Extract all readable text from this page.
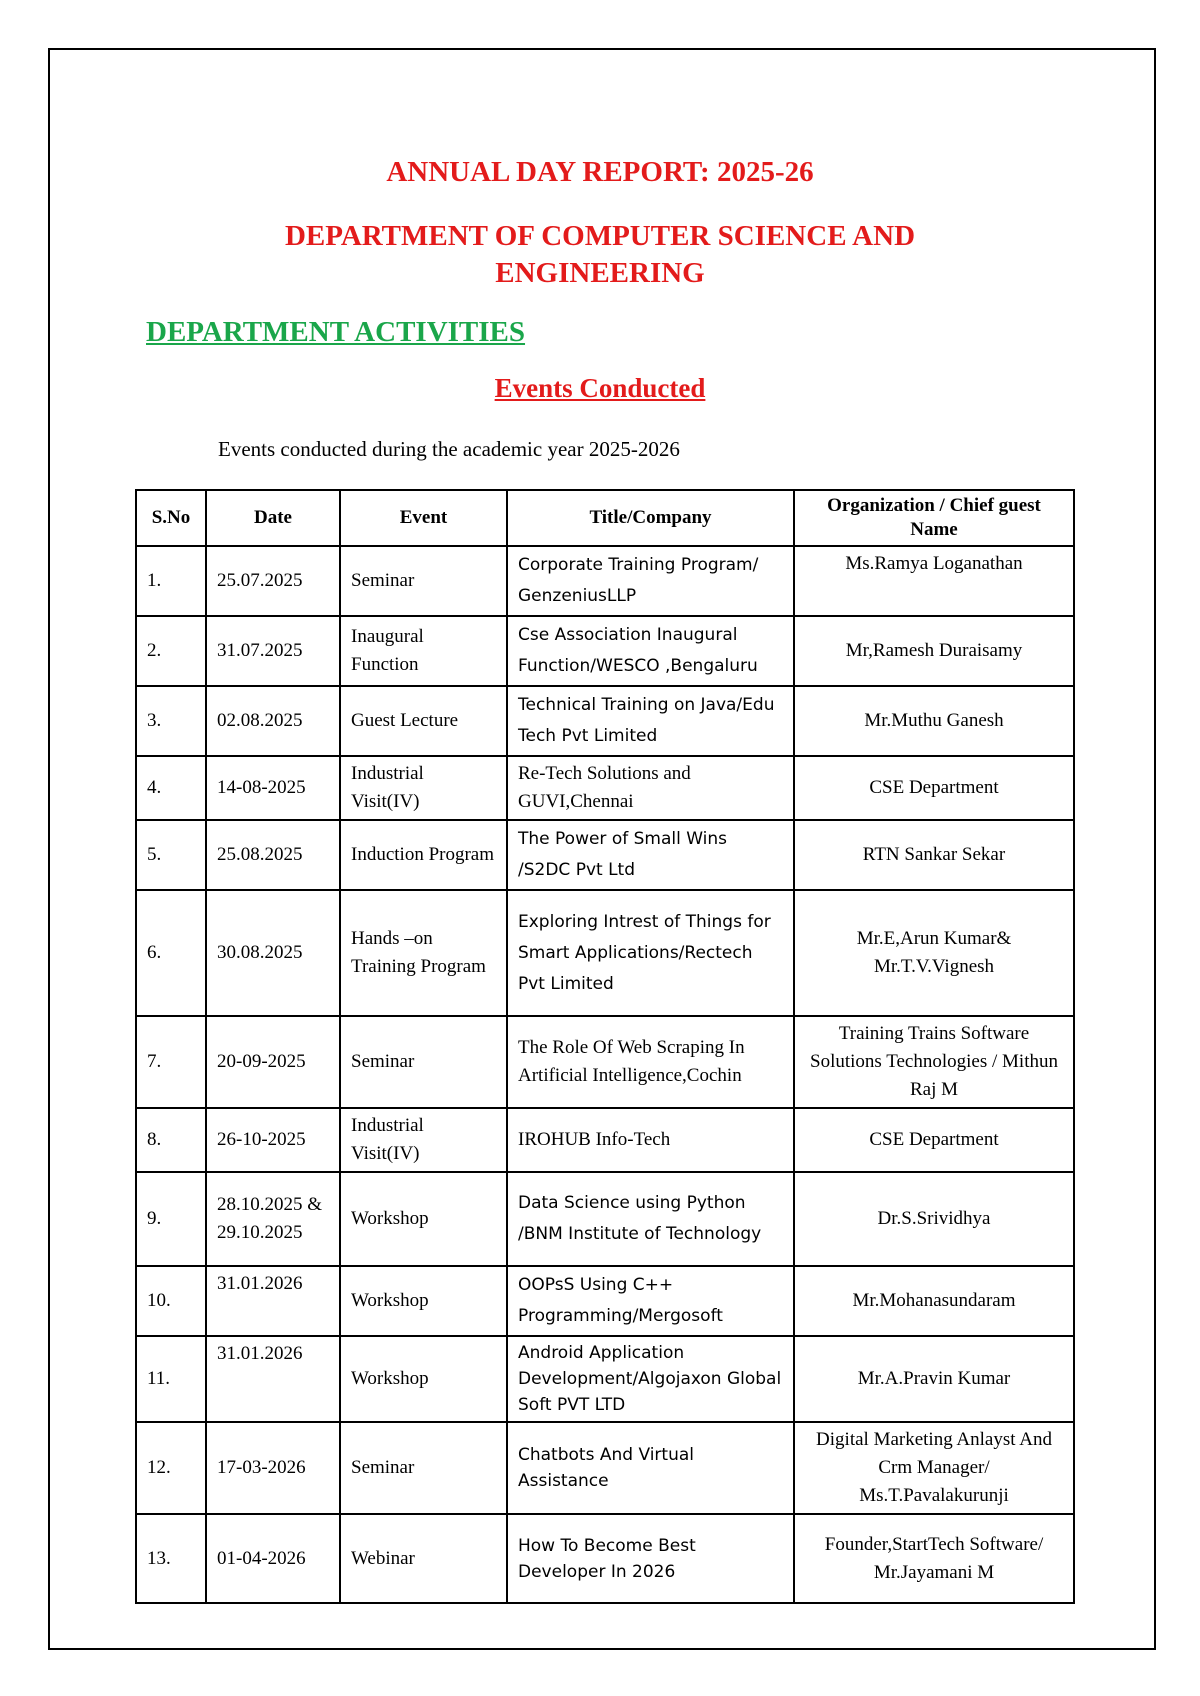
ANNUAL DAY REPORT: 2025-26
DEPARTMENT OF COMPUTER SCIENCE AND
ENGINEERING
DEPARTMENT ACTIVITIES
Events Conducted
Events conducted during the academic year 2025-2026
S.No	Date	Event	Title/Company	Organization / Chief guest Name
1.	25.07.2025	Seminar	Corporate Training Program/ GenzeniusLLP	Ms.Ramya Loganathan
2.	31.07.2025	Inaugural Function	Cse Association Inaugural Function/WESCO ,Bengaluru	Mr,Ramesh Duraisamy
3.	02.08.2025	Guest Lecture	Technical Training on Java/Edu Tech Pvt Limited	Mr.Muthu Ganesh
4.	14-08-2025	Industrial Visit(IV)	Re-Tech Solutions and GUVI,Chennai	CSE Department
5.	25.08.2025	Induction Program	The Power of Small Wins /S2DC Pvt Ltd	RTN Sankar Sekar
6.	30.08.2025	Hands –on Training Program	Exploring Intrest of Things for Smart Applications/Rectech Pvt Limited	Mr.E,Arun Kumar& Mr.T.V.Vignesh
7.	20-09-2025	Seminar	The Role Of Web Scraping In Artificial Intelligence,Cochin	Training Trains Software Solutions Technologies / Mithun Raj M
8.	26-10-2025	Industrial Visit(IV)	IROHUB Info-Tech	CSE Department
9.	28.10.2025 &29.10.2025	Workshop	Data Science using Python /BNM Institute of Technology	Dr.S.Srividhya
10.	31.01.2026	Workshop	OOPsS Using C++ Programming/Mergosoft	Mr.Mohanasundaram
11.	31.01.2026	Workshop	Android Application Development/Algojaxon Global Soft PVT LTD	Mr.A.Pravin Kumar
12.	17-03-2026	Seminar	Chatbots And Virtual Assistance	Digital Marketing Anlayst And Crm Manager/ Ms.T.Pavalakurunji
13.	01-04-2026	Webinar	How To Become Best Developer In 2026	Founder,StartTech Software/ Mr.Jayamani M
